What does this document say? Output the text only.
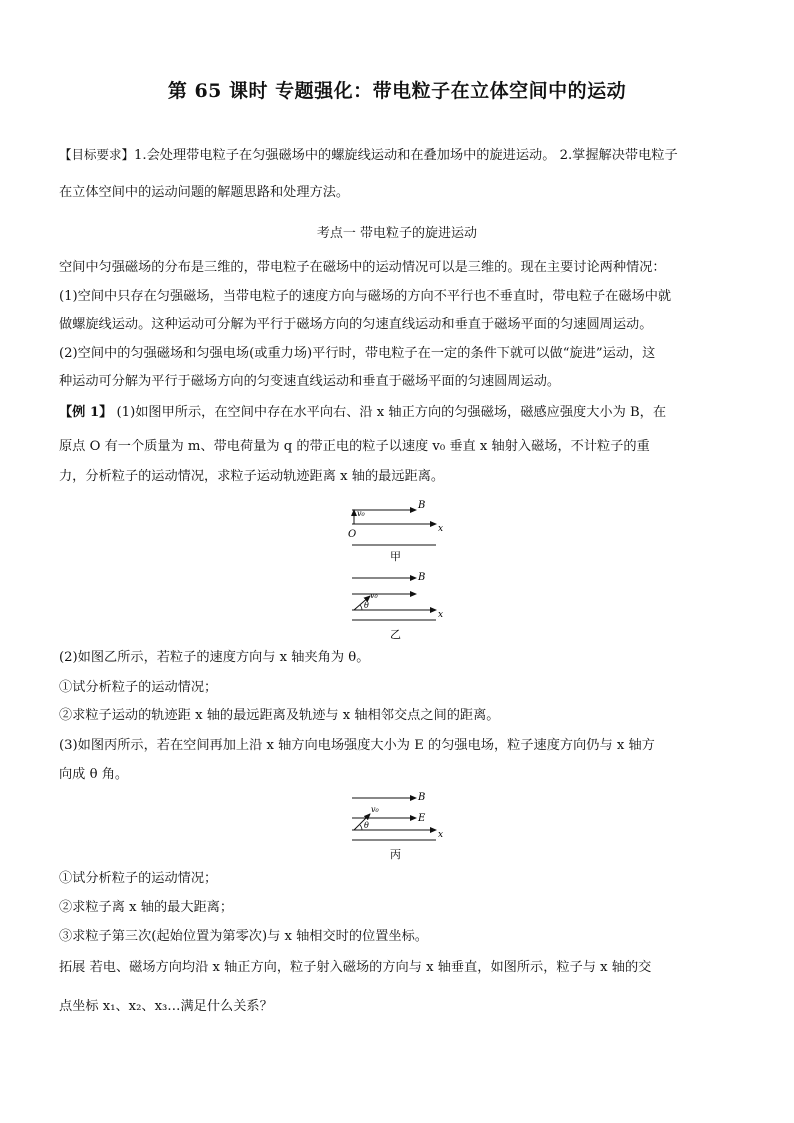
第 65 课时 专题强化：带电粒子在立体空间中的运动
【目标要求】1.会处理带电粒子在匀强磁场中的螺旋线运动和在叠加场中的旋进运动。 2.掌握解决带电粒子
在立体空间中的运动问题的解题思路和处理方法。
考点一 带电粒子的旋进运动
空间中匀强磁场的分布是三维的，带电粒子在磁场中的运动情况可以是三维的。现在主要讨论两种情况：
(1)空间中只存在匀强磁场，当带电粒子的速度方向与磁场的方向不平行也不垂直时，带电粒子在磁场中就
做螺旋线运动。这种运动可分解为平行于磁场方向的匀速直线运动和垂直于磁场平面的匀速圆周运动。
(2)空间中的匀强磁场和匀强电场(或重力场)平行时，带电粒子在一定的条件下就可以做“旋进”运动，这
种运动可分解为平行于磁场方向的匀变速直线运动和垂直于磁场平面的匀速圆周运动。
【例 1】 (1)如图甲所示，在空间中存在水平向右、沿 x 轴正方向的匀强磁场，磁感应强度大小为 B，在
原点 O 有一个质量为 m、带电荷量为 q 的带正电的粒子以速度 v₀ 垂直 x 轴射入磁场，不计粒子的重
力，分析粒子的运动情况，求粒子运动轨迹距离 x 轴的最远距离。
B
v₀
x
O
甲
B
v₀
θ
x
乙
(2)如图乙所示，若粒子的速度方向与 x 轴夹角为 θ。
①试分析粒子的运动情况；
②求粒子运动的轨迹距 x 轴的最远距离及轨迹与 x 轴相邻交点之间的距离。
(3)如图丙所示，若在空间再加上沿 x 轴方向电场强度大小为 E 的匀强电场，粒子速度方向仍与 x 轴方
向成 θ 角。
B
v₀
θ
E
x
丙
①试分析粒子的运动情况；
②求粒子离 x 轴的最大距离；
③求粒子第三次(起始位置为第零次)与 x 轴相交时的位置坐标。
拓展 若电、磁场方向均沿 x 轴正方向，粒子射入磁场的方向与 x 轴垂直，如图所示，粒子与 x 轴的交
点坐标 x₁、x₂、x₃…满足什么关系？
